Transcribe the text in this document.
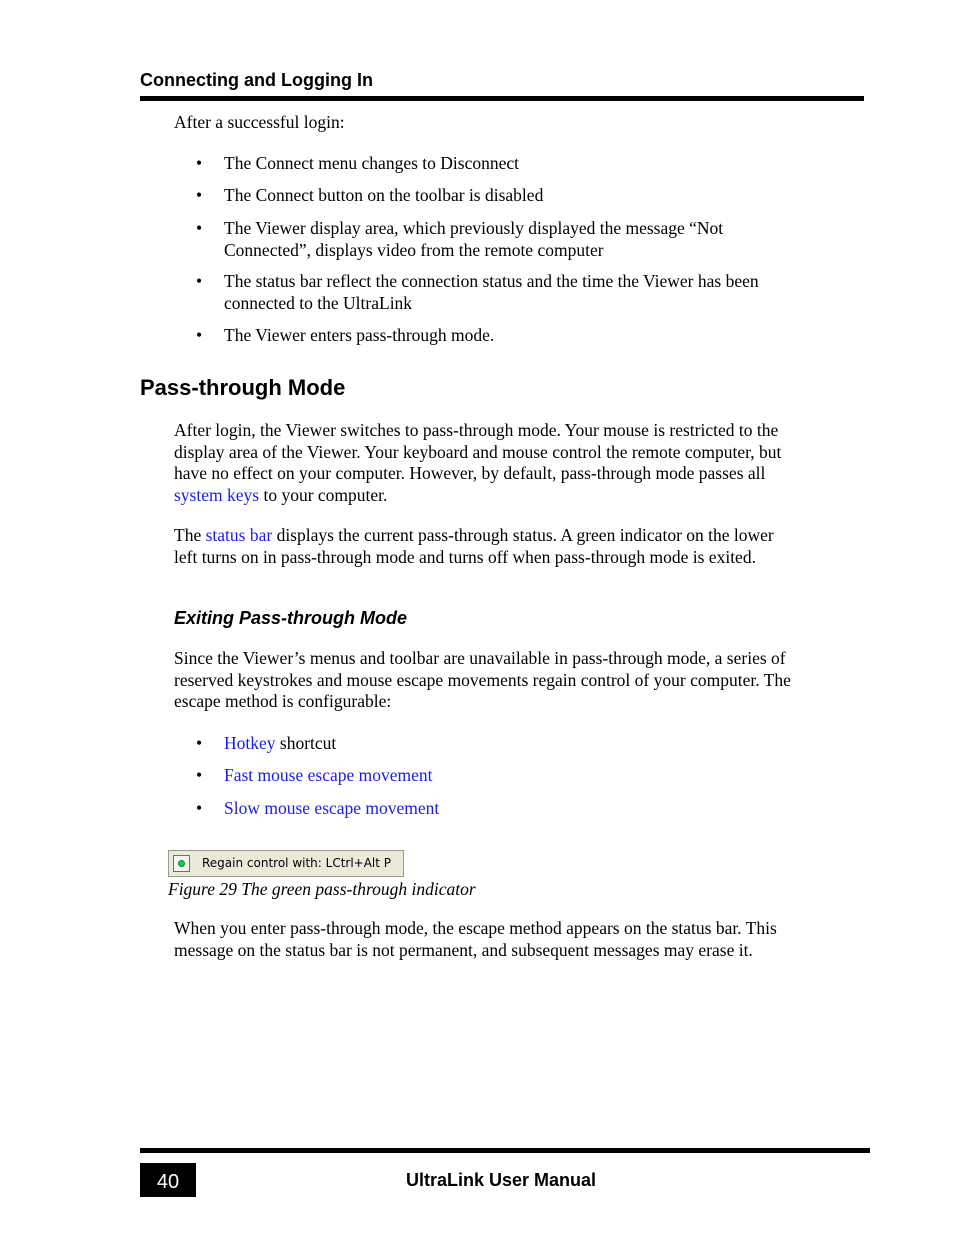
Connecting and Logging In
After a successful login:
• The Connect menu changes to Disconnect
• The Connect button on the toolbar is disabled
• The Viewer display area, which previously displayed the message “Not Connected”, displays video from the remote computer
• The status bar reflect the connection status and the time the Viewer has been connected to the UltraLink
• The Viewer enters pass-through mode.
Pass-through Mode
After login, the Viewer switches to pass-through mode. Your mouse is restricted to the display area of the Viewer. Your keyboard and mouse control the remote computer, but have no effect on your computer. However, by default, pass-through mode passes all system keys to your computer.
The status bar displays the current pass-through status. A green indicator on the lower left turns on in pass-through mode and turns off when pass-through mode is exited.
Exiting Pass-through Mode
Since the Viewer’s menus and toolbar are unavailable in pass-through mode, a series of reserved keystrokes and mouse escape movements regain control of your computer. The escape method is configurable:
• Hotkey shortcut
• Fast mouse escape movement
• Slow mouse escape movement
Regain control with: LCtrl+Alt P
Figure 29 The green pass-through indicator
When you enter pass-through mode, the escape method appears on the status bar. This message on the status bar is not permanent, and subsequent messages may erase it.
40	UltraLink User Manual
